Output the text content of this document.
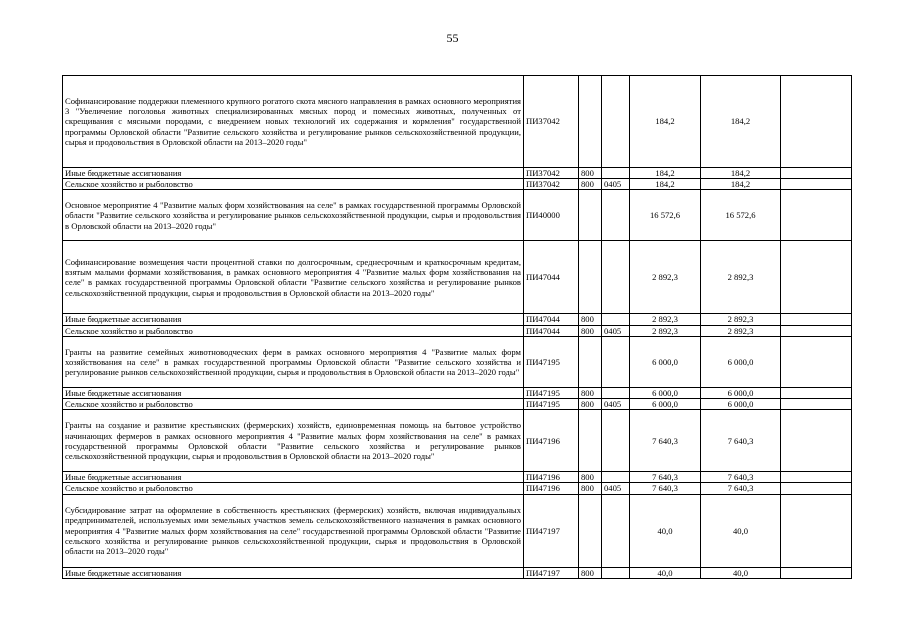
55
Софинансирование поддержки племенного крупного рогатого скота мясного направления в рамках основного мероприятия 3 "Увеличение поголовья животных специализированных мясных пород и помесных животных, полученных от скрещивания с мясными породами, с внедрением новых технологий их содержания и кормления" государственной программы Орловской области "Развитие сельского хозяйства и регулирование рынков сельскохозяйственной продукции, сырья и продовольствия в Орловской области на 2013–2020 годы"	ПИ37042			184,2	184,2	
Иные бюджетные ассигнования	ПИ37042	800		184,2	184,2	
Сельское хозяйство и рыболовство	ПИ37042	800	0405	184,2	184,2	
Основное мероприятие 4 "Развитие малых форм хозяйствования на селе" в рамках государственной программы Орловской области "Развитие сельского хозяйства и регулирование рынков сельскохозяйственной продукции, сырья и продовольствия в Орловской области на 2013–2020 годы"	ПИ40000			16 572,6	16 572,6	
Софинансирование возмещения части процентной ставки по долгосрочным, среднесрочным и краткосрочным кредитам, взятым малыми формами хозяйствования, в рамках основного мероприятия 4 "Развитие малых форм хозяйствования на селе" в рамках государственной программы Орловской области "Развитие сельского хозяйства и регулирование рынков сельскохозяйственной продукции, сырья и продовольствия в Орловской области на 2013–2020 годы"	ПИ47044			2 892,3	2 892,3	
Иные бюджетные ассигнования	ПИ47044	800		2 892,3	2 892,3	
Сельское хозяйство и рыболовство	ПИ47044	800	0405	2 892,3	2 892,3	
Гранты на развитие семейных животноводческих ферм в рамках основного мероприятия 4 "Развитие малых форм хозяйствования на селе" в рамках государственной программы Орловской области "Развитие сельского хозяйства и регулирование рынков сельскохозяйственной продукции, сырья и продовольствия в Орловской области на 2013–2020 годы"	ПИ47195			6 000,0	6 000,0	
Иные бюджетные ассигнования	ПИ47195	800		6 000,0	6 000,0	
Сельское хозяйство и рыболовство	ПИ47195	800	0405	6 000,0	6 000,0	
Гранты на создание и развитие крестьянских (фермерских) хозяйств, единовременная помощь на бытовое устройство начинающих фермеров в рамках основного мероприятия 4 "Развитие малых форм хозяйствования на селе" в рамках государственной программы Орловской области "Развитие сельского хозяйства и регулирование рынков сельскохозяйственной продукции, сырья и продовольствия в Орловской области на 2013–2020 годы"	ПИ47196			7 640,3	7 640,3	
Иные бюджетные ассигнования	ПИ47196	800		7 640,3	7 640,3	
Сельское хозяйство и рыболовство	ПИ47196	800	0405	7 640,3	7 640,3	
Субсидирование затрат на оформление в собственность крестьянских (фермерских) хозяйств, включая индивидуальных предпринимателей, используемых ими земельных участков земель сельскохозяйственного назначения в рамках основного мероприятия 4 "Развитие малых форм хозяйствования на селе" государственной программы Орловской области "Развитие сельского хозяйства и регулирование рынков сельскохозяйственной продукции, сырья и продовольствия в Орловской области на 2013–2020 годы"	ПИ47197			40,0	40,0	
Иные бюджетные ассигнования	ПИ47197	800		40,0	40,0	
